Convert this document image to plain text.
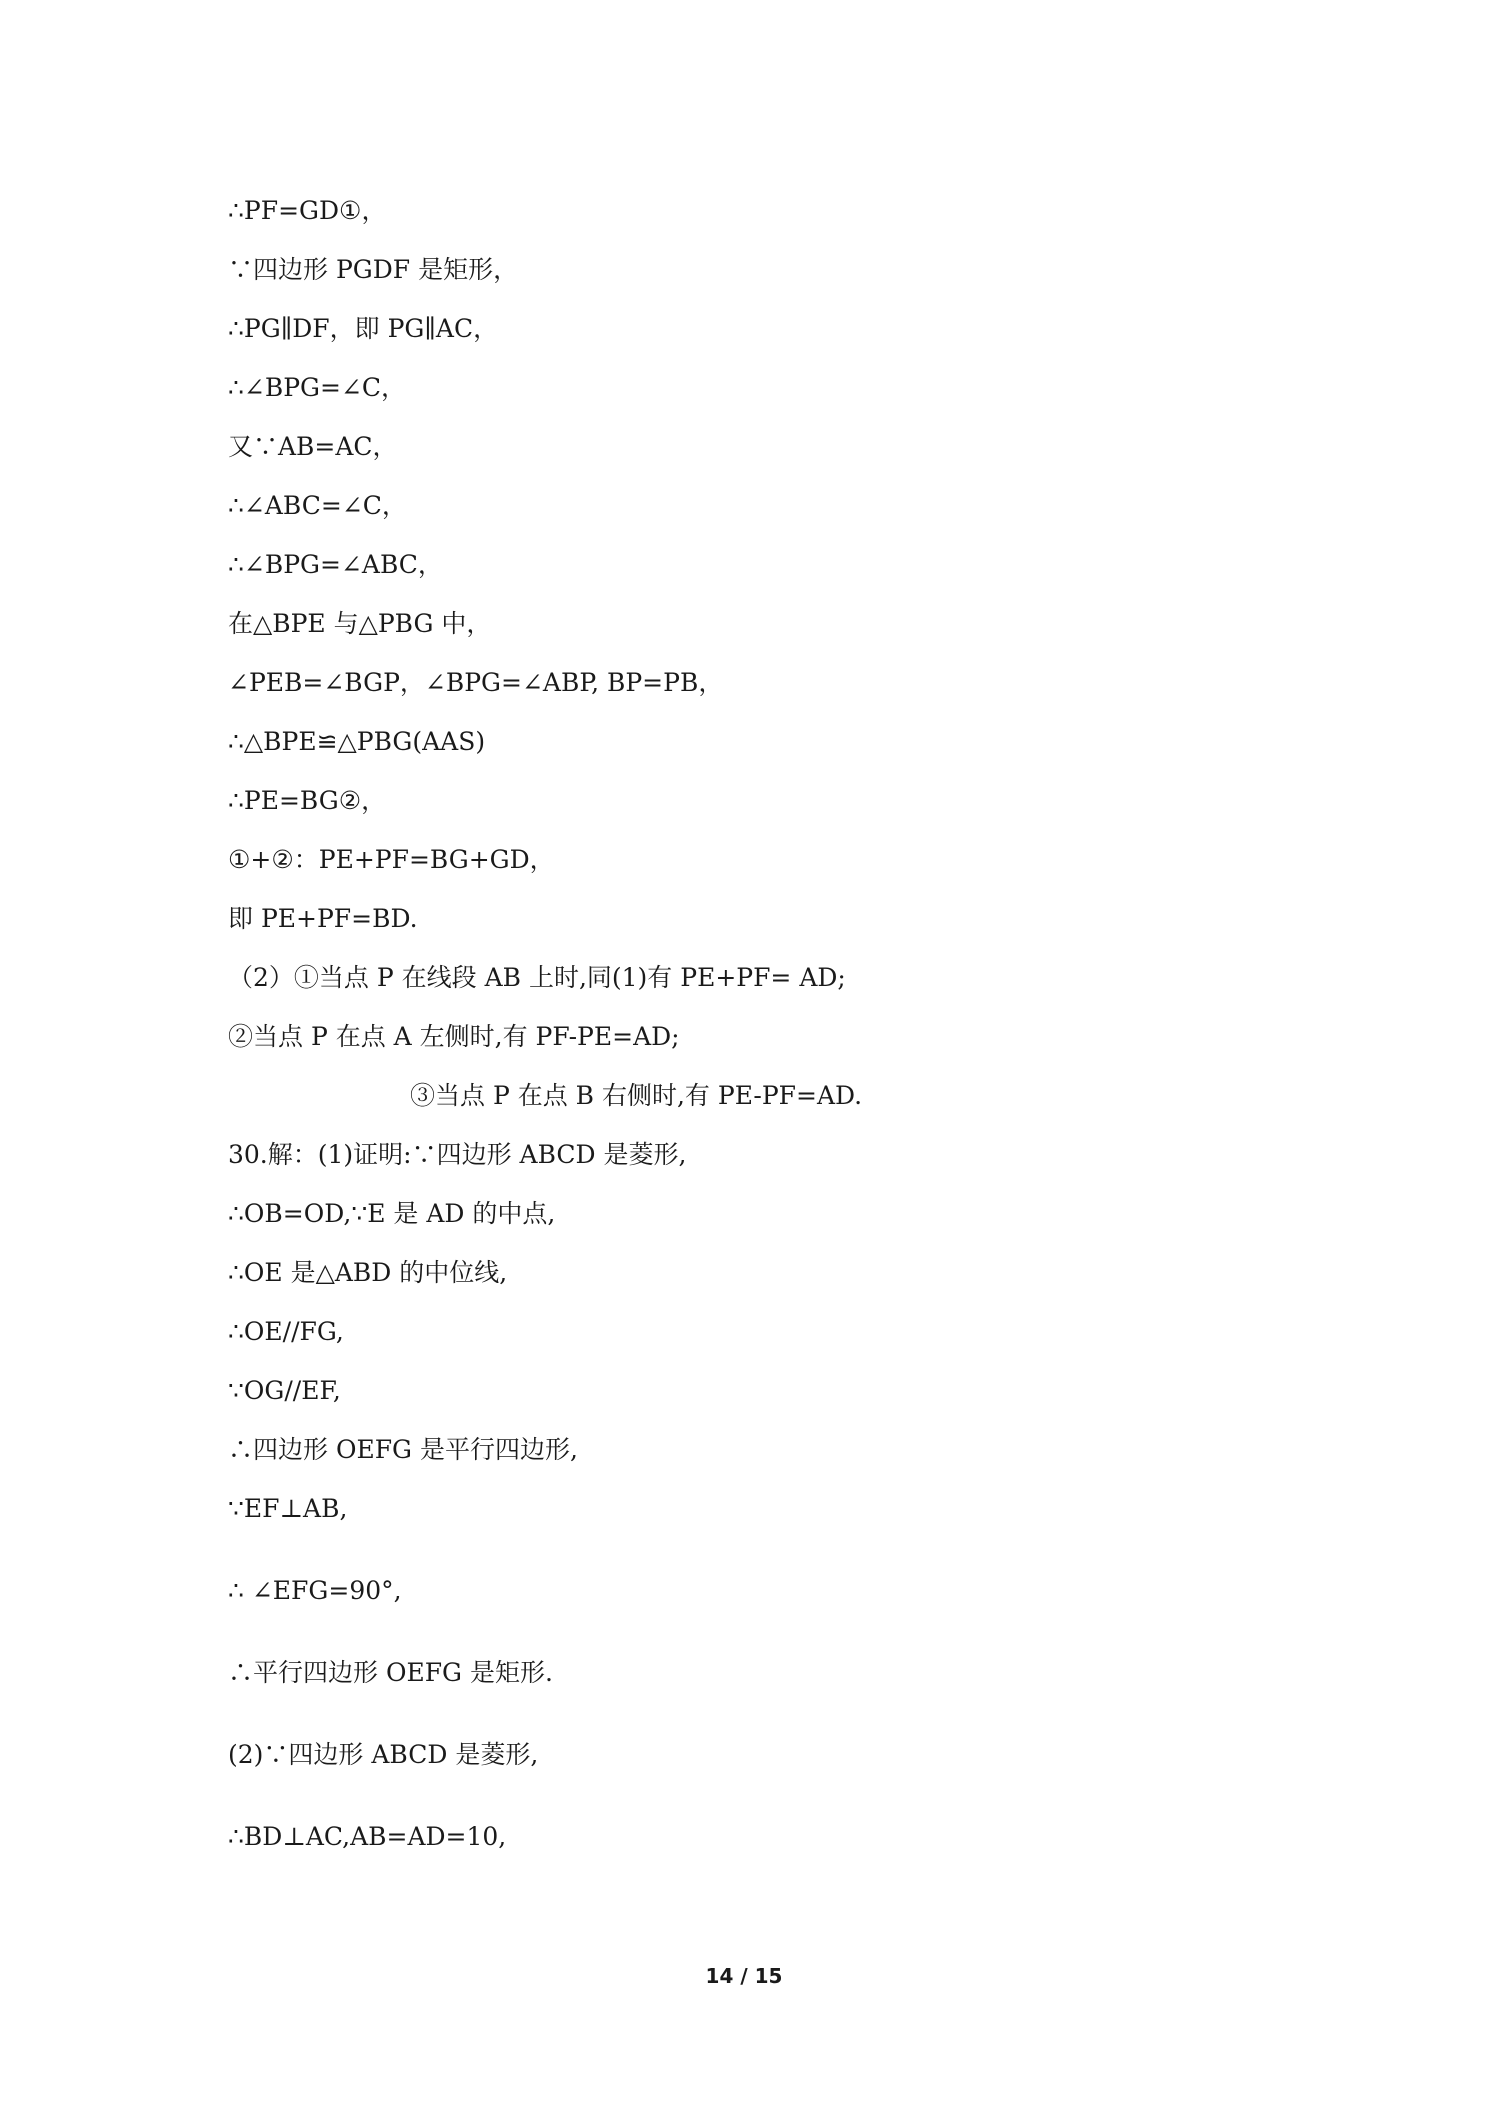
∴PF=GD①，
∵四边形 PGDF 是矩形，
∴PG∥DF，即 PG∥AC，
∴∠BPG=∠C，
又∵AB=AC，
∴∠ABC=∠C，
∴∠BPG=∠ABC，
在△BPE 与△PBG 中，
∠PEB=∠BGP，∠BPG=∠ABP, BP=PB，
∴△BPE≌△PBG(AAS)
∴PE=BG②，
①+②：PE+PF=BG+GD，
即 PE+PF=BD.
（2）①当点 P 在线段 AB 上时,同(1)有 PE+PF= AD;
②当点 P 在点 A 左侧时,有 PF-PE=AD;
③当点 P 在点 B 右侧时,有 PE-PF=AD.
30.解：(1)证明:∵四边形 ABCD 是菱形,
∴OB=OD,∵E 是 AD 的中点,
∴OE 是△ABD 的中位线,
∴OE//FG,
∵OG//EF,
∴四边形 OEFG 是平行四边形,
∵EF⊥AB,
∴ ∠EFG=90°,
∴平行四边形 OEFG 是矩形.
(2)∵四边形 ABCD 是菱形,
∴BD⊥AC,AB=AD=10,
14 / 15
